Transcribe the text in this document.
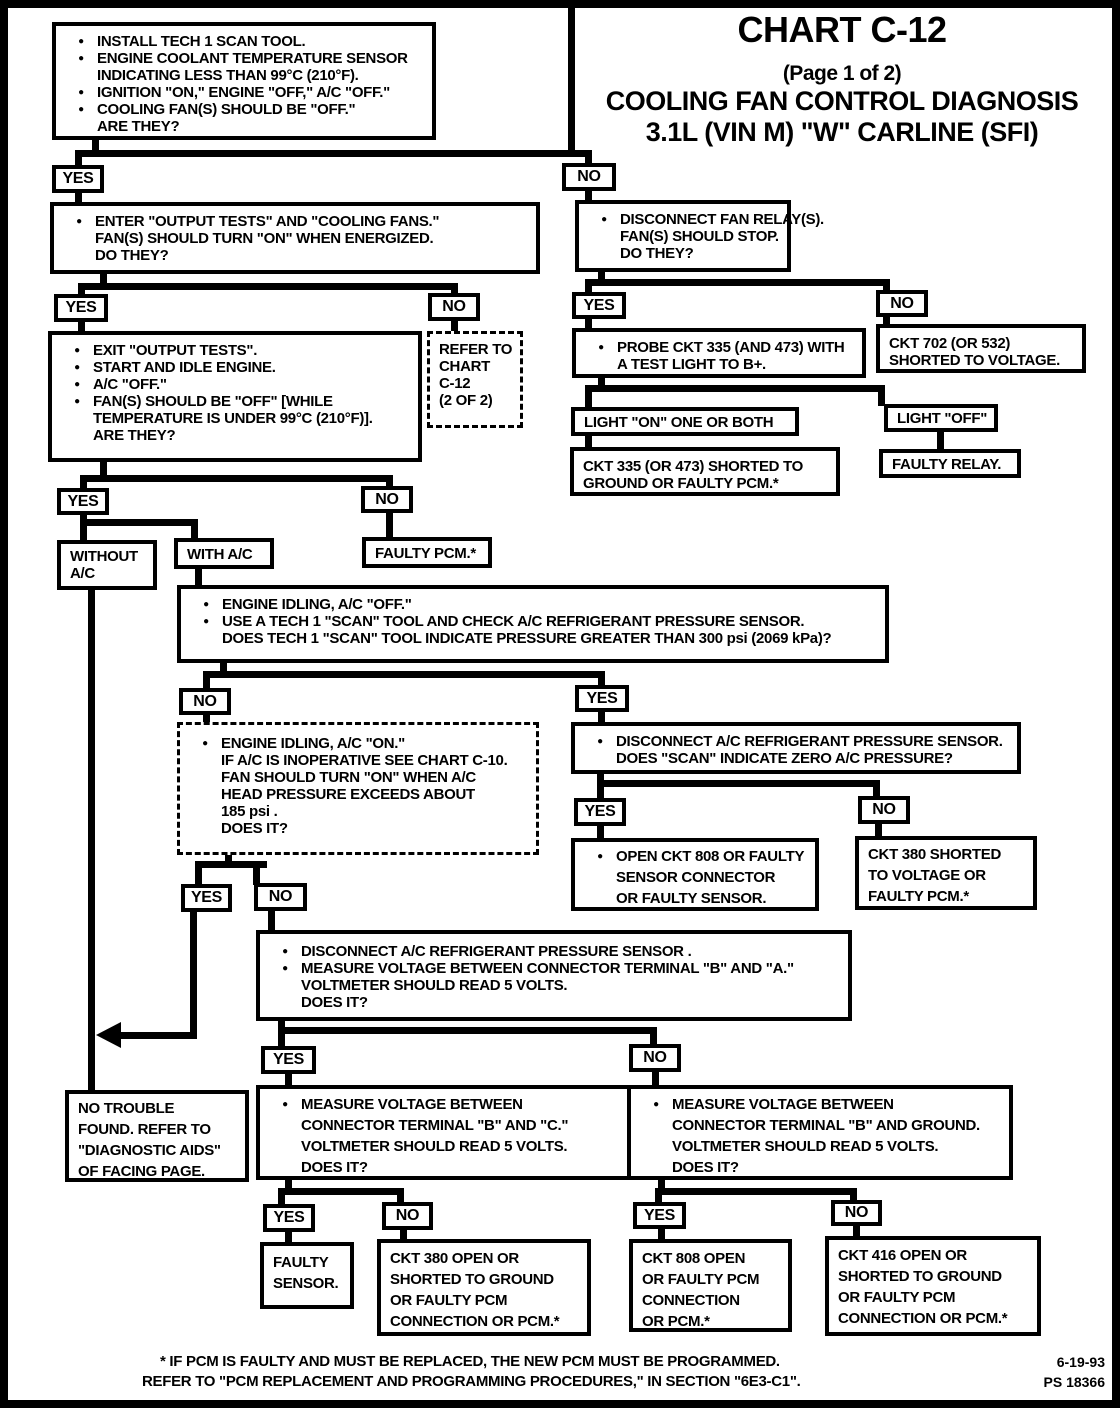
CHART C-12
(Page 1 of 2)
COOLING FAN CONTROL DIAGNOSIS
3.1L (VIN M) "W" CARLINE (SFI)
YES	NO
YES	NO	YES	NO
YES	NO
NO	YES
YES	NO
YES	NO
YES	NO
YES	NO	YES	NO
● INSTALL TECH 1 SCAN TOOL.
● ENGINE COOLANT TEMPERATURE SENSOR
INDICATING LESS THAN 99°C (210°F).
● IGNITION "ON," ENGINE "OFF," A/C "OFF."
● COOLING FAN(S) SHOULD BE "OFF."
ARE THEY?
● ENTER "OUTPUT TESTS" AND "COOLING FANS."
FAN(S) SHOULD TURN "ON" WHEN ENERGIZED.
DO THEY?
● DISCONNECT FAN RELAY(S).
FAN(S) SHOULD STOP.
DO THEY?
● EXIT "OUTPUT TESTS".
● START AND IDLE ENGINE.
● A/C "OFF."
● FAN(S) SHOULD BE "OFF" [WHILE
TEMPERATURE IS UNDER 99°C (210°F)].
ARE THEY?
REFER TO
CHART
C-12
(2 OF 2)
● PROBE CKT 335 (AND 473) WITH
A TEST LIGHT TO B+.
CKT 702 (OR 532)
SHORTED TO VOLTAGE.
LIGHT "ON" ONE OR BOTH	LIGHT "OFF"
CKT 335 (OR 473) SHORTED TO
GROUND OR FAULTY PCM.*
FAULTY RELAY.
FAULTY PCM.*
WITHOUT
A/C
WITH A/C
● ENGINE IDLING, A/C "OFF."
● USE A TECH 1 "SCAN" TOOL AND CHECK A/C REFRIGERANT PRESSURE SENSOR.
DOES TECH 1 "SCAN" TOOL INDICATE PRESSURE GREATER THAN 300 psi (2069 kPa)?
● ENGINE IDLING, A/C "ON."
IF A/C IS INOPERATIVE SEE CHART C-10.
FAN SHOULD TURN "ON" WHEN A/C
HEAD PRESSURE EXCEEDS ABOUT
185 psi .
DOES IT?
● DISCONNECT A/C REFRIGERANT PRESSURE SENSOR.
DOES "SCAN" INDICATE ZERO A/C PRESSURE?
● OPEN CKT 808 OR FAULTY
SENSOR CONNECTOR
OR FAULTY SENSOR.
CKT 380 SHORTED
TO VOLTAGE OR
FAULTY PCM.*
● DISCONNECT A/C REFRIGERANT PRESSURE SENSOR .
● MEASURE VOLTAGE BETWEEN CONNECTOR TERMINAL "B" AND "A."
VOLTMETER SHOULD READ 5 VOLTS.
DOES IT?
NO TROUBLE
FOUND. REFER TO
"DIAGNOSTIC AIDS"
OF FACING PAGE.
● MEASURE VOLTAGE BETWEEN
CONNECTOR TERMINAL "B" AND "C."
VOLTMETER SHOULD READ 5 VOLTS.
DOES IT?
● MEASURE VOLTAGE BETWEEN
CONNECTOR TERMINAL "B" AND GROUND.
VOLTMETER SHOULD READ 5 VOLTS.
DOES IT?
FAULTY
SENSOR.
CKT 380 OPEN OR
SHORTED TO GROUND
OR FAULTY PCM
CONNECTION OR PCM.*
CKT 808 OPEN
OR FAULTY PCM
CONNECTION
OR PCM.*
CKT 416 OPEN OR
SHORTED TO GROUND
OR FAULTY PCM
CONNECTION OR PCM.*
* IF PCM IS FAULTY AND MUST BE REPLACED, THE NEW PCM MUST BE PROGRAMMED.
REFER TO "PCM REPLACEMENT AND PROGRAMMING PROCEDURES," IN SECTION "6E3-C1".
6-19-93
PS 18366
